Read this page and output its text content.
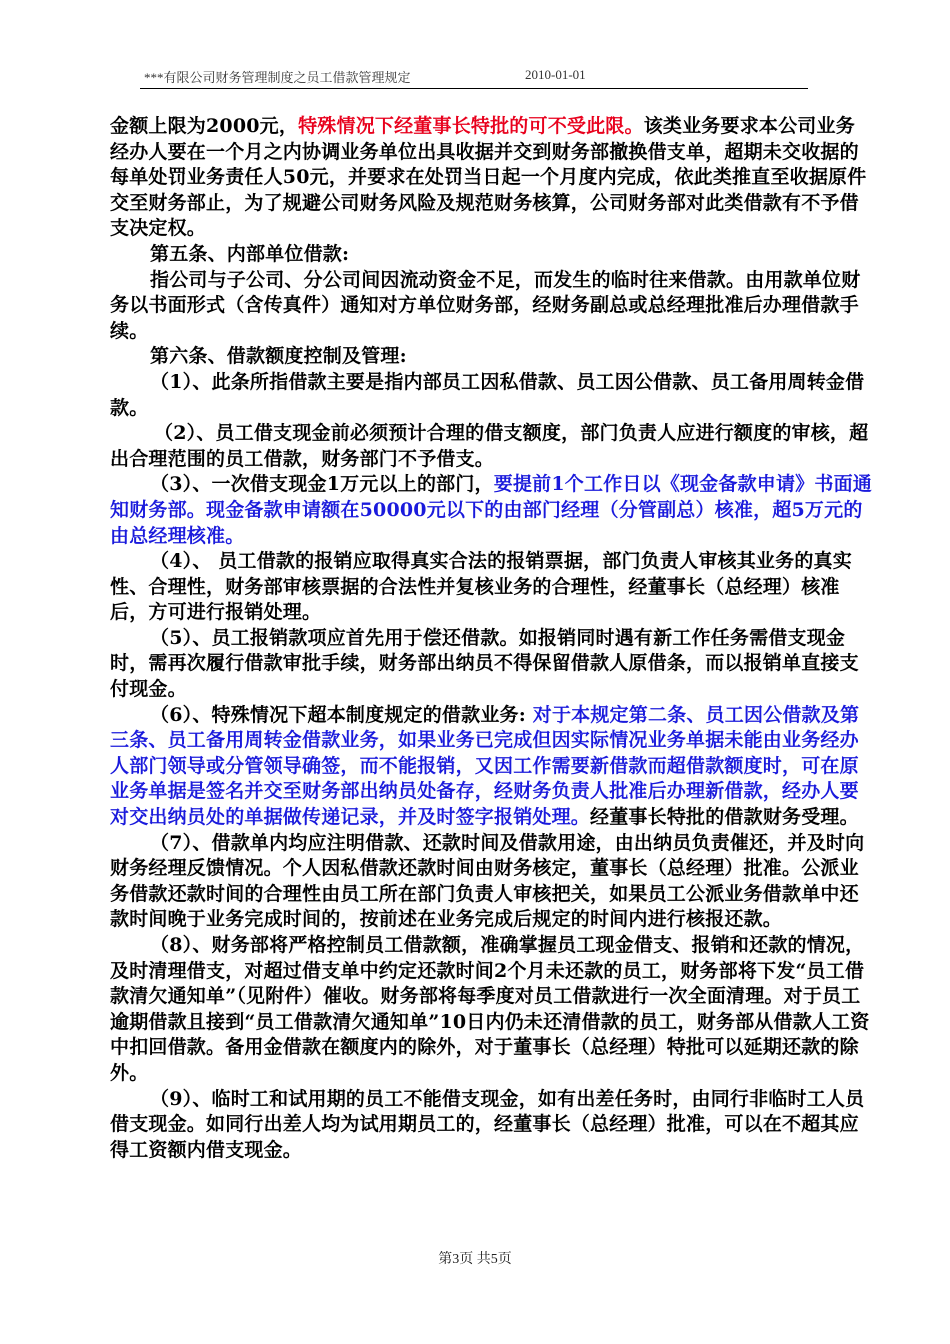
***有限公司财务管理制度之员工借款管理规定	2010-01-01

金额上限为2000元，特殊情况下经董事长特批的可不受此限。该类业务要求本公司业务经办人要在一个月之内协调业务单位出具收据并交到财务部撤换借支单，超期未交收据的每单处罚业务责任人50元，并要求在处罚当日起一个月度内完成，依此类推直至收据原件交至财务部止，为了规避公司财务风险及规范财务核算，公司财务部对此类借款有不予借支决定权。

第五条、内部单位借款:

指公司与子公司、分公司间因流动资金不足，而发生的临时往来借款。由用款单位财务以书面形式（含传真件）通知对方单位财务部，经财务副总或总经理批准后办理借款手续。

第六条、借款额度控制及管理:

（1）、此条所指借款主要是指内部员工因私借款、员工因公借款、员工备用周转金借款。

（2）、员工借支现金前必须预计合理的借支额度，部门负责人应进行额度的审核，超出合理范围的员工借款，财务部门不予借支。

（3）、一次借支现金1万元以上的部门，要提前1个工作日以《现金备款申请》书面通知财务部。现金备款申请额在50000元以下的由部门经理（分管副总）核准，超5万元的由总经理核准。

（4）、 员工借款的报销应取得真实合法的报销票据，部门负责人审核其业务的真实性、合理性，财务部审核票据的合法性并复核业务的合理性，经董事长（总经理）核准后，方可进行报销处理。

（5）、员工报销款项应首先用于偿还借款。如报销同时遇有新工作任务需借支现金时，需再次履行借款审批手续，财务部出纳员不得保留借款人原借条，而以报销单直接支付现金。

（6）、特殊情况下超本制度规定的借款业务: 对于本规定第二条、员工因公借款及第三条、员工备用周转金借款业务，如果业务已完成但因实际情况业务单据未能由业务经办人部门领导或分管领导确签，而不能报销，又因工作需要新借款而超借款额度时，可在原业务单据是签名并交至财务部出纳员处备存，经财务负责人批准后办理新借款，经办人要对交出纳员处的单据做传递记录，并及时签字报销处理。经董事长特批的借款财务受理。

（7）、借款单内均应注明借款、还款时间及借款用途，由出纳员负责催还，并及时向财务经理反馈情况。个人因私借款还款时间由财务核定，董事长（总经理）批准。公派业务借款还款时间的合理性由员工所在部门负责人审核把关，如果员工公派业务借款单中还款时间晚于业务完成时间的，按前述在业务完成后规定的时间内进行核报还款。

（8）、财务部将严格控制员工借款额，准确掌握员工现金借支、报销和还款的情况，及时清理借支，对超过借支单中约定还款时间2个月未还款的员工，财务部将下发“员工借款清欠通知单”（见附件）催收。财务部将每季度对员工借款进行一次全面清理。对于员工逾期借款且接到“员工借款清欠通知单”10日内仍未还清借款的员工，财务部从借款人工资中扣回借款。备用金借款在额度内的除外，对于董事长（总经理）特批可以延期还款的除外。

（9）、临时工和试用期的员工不能借支现金，如有出差任务时，由同行非临时工人员借支现金。如同行出差人均为试用期员工的，经董事长（总经理）批准，可以在不超其应得工资额内借支现金。

第3页 共5页
